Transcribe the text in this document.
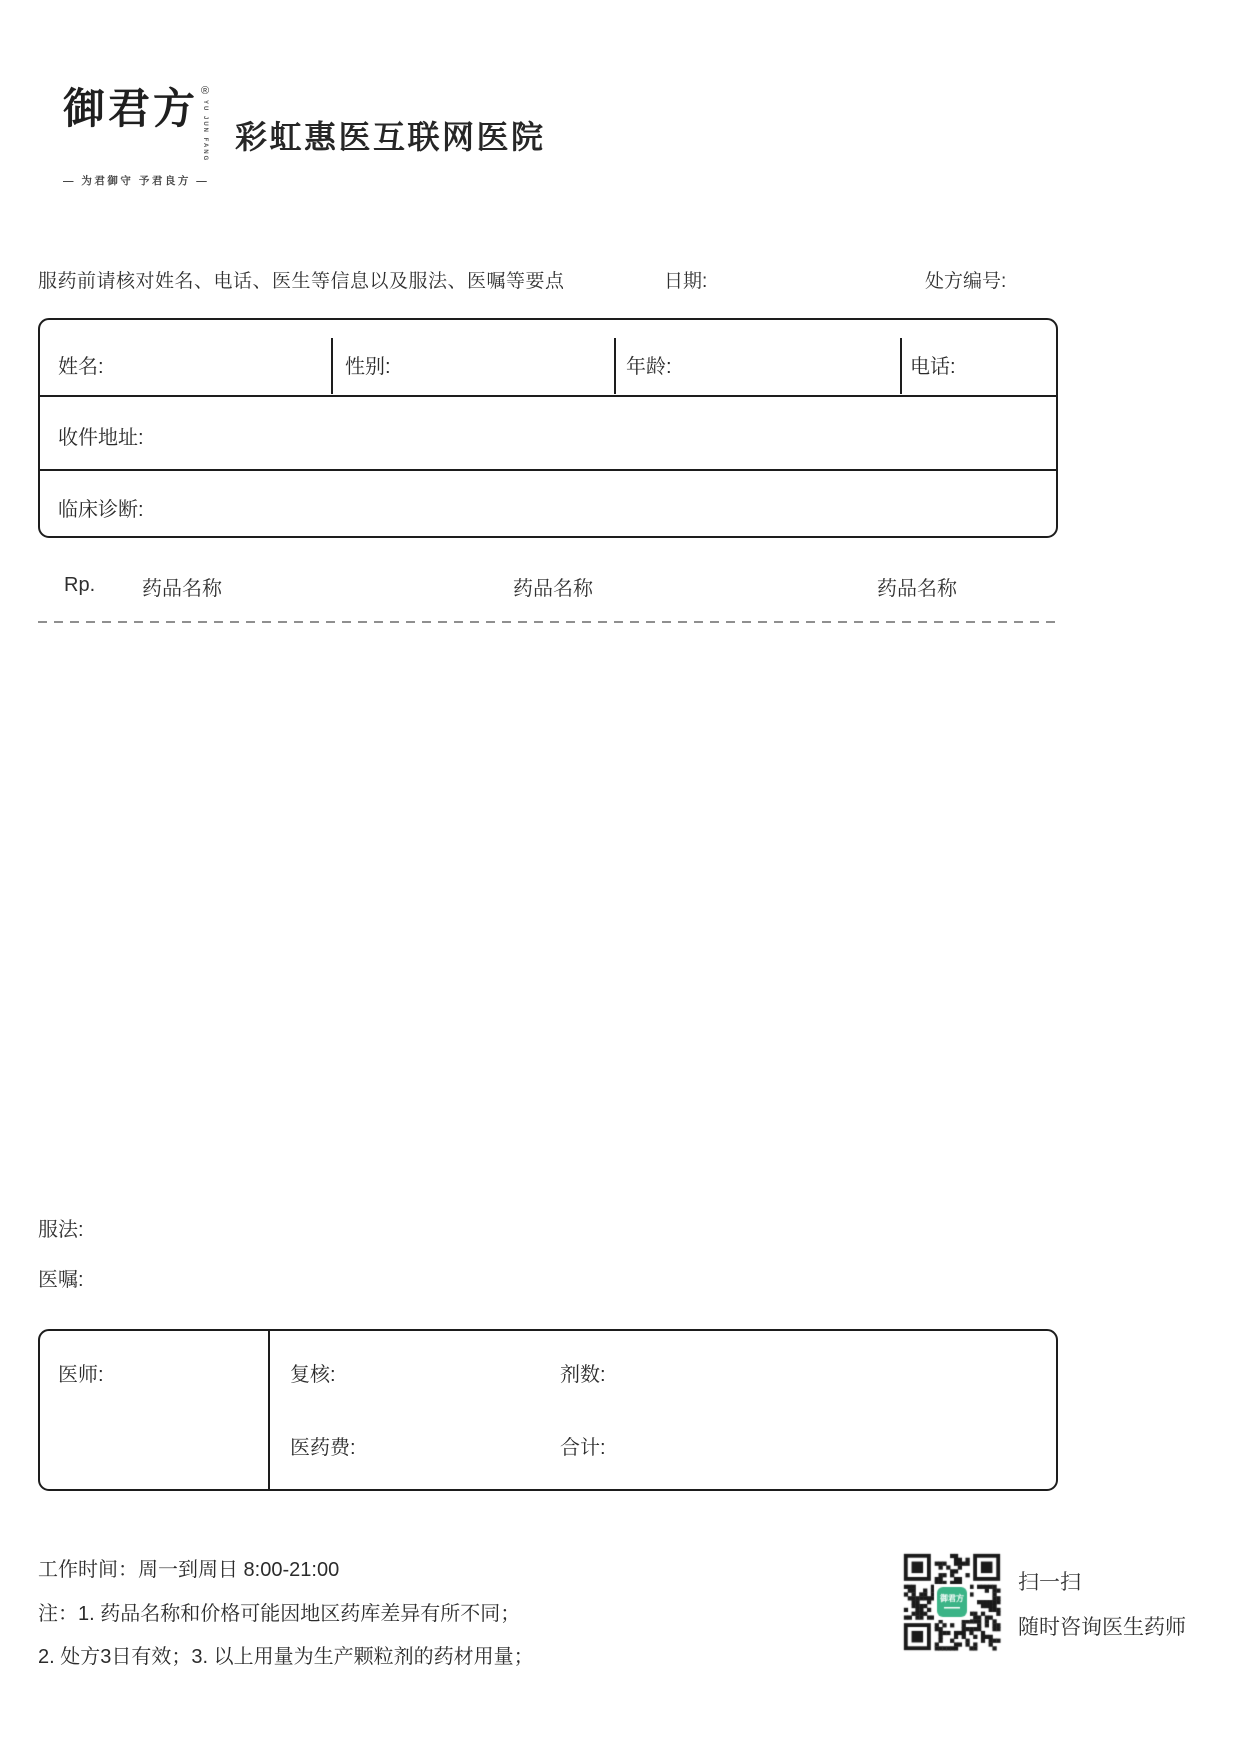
御君方 ®
YU JUN FANG
— 为君御守 予君良方 —
彩虹惠医互联网医院
服药前请核对姓名、电话、医生等信息以及服法、医嘱等要点	日期:	处方编号:
姓名:	性别:	年龄:	电话:
收件地址:
临床诊断:
Rp. 药品名称	药品名称	药品名称
服法:
医嘱:
医师:	复核:	剂数:
医药费:	合计:
工作时间：周一到周日 8:00-21:00
注：1. 药品名称和价格可能因地区药库差异有所不同；
2. 处方3日有效；3. 以上用量为生产颗粒剂的药材用量；
扫一扫
随时咨询医生药师
